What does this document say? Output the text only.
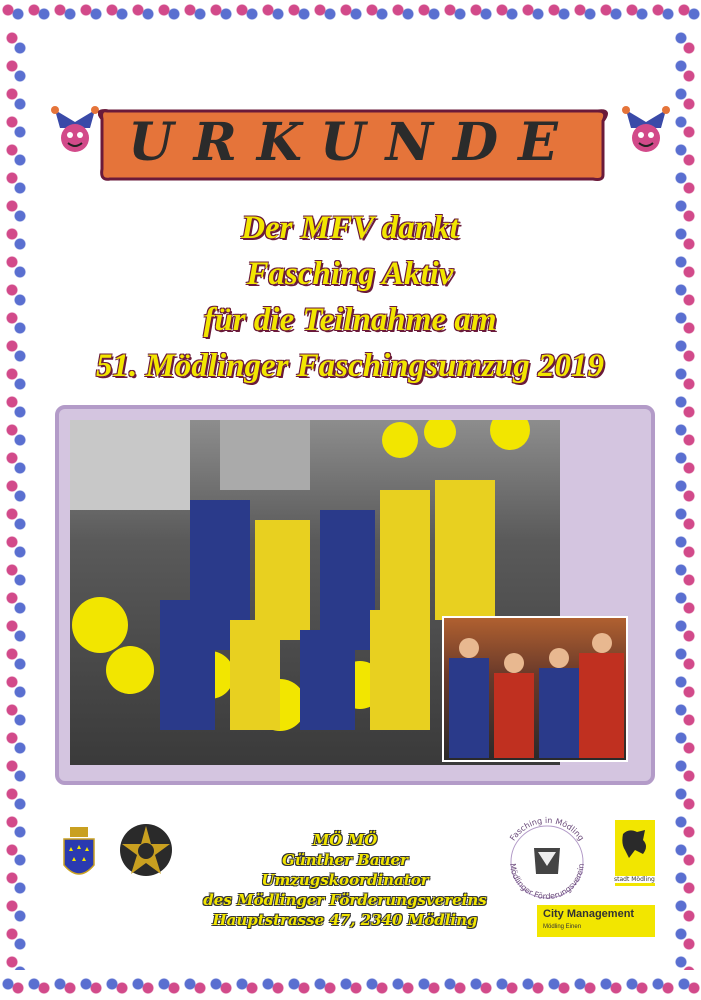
URKUNDE
Der MFV dankt
Fasching Aktiv
für die Teilnahme am
51. Mödlinger Faschingsumzug 2019
Fasching in Mödling
Mödlinger Förderungsverein
stadt Mödling
City Management
Mödling Einen
MÖ MÖ
Günther Bauer
Umzugskoordinator
des Mödlinger Förderungsvereins
Hauptstrasse 47, 2340 Mödling
